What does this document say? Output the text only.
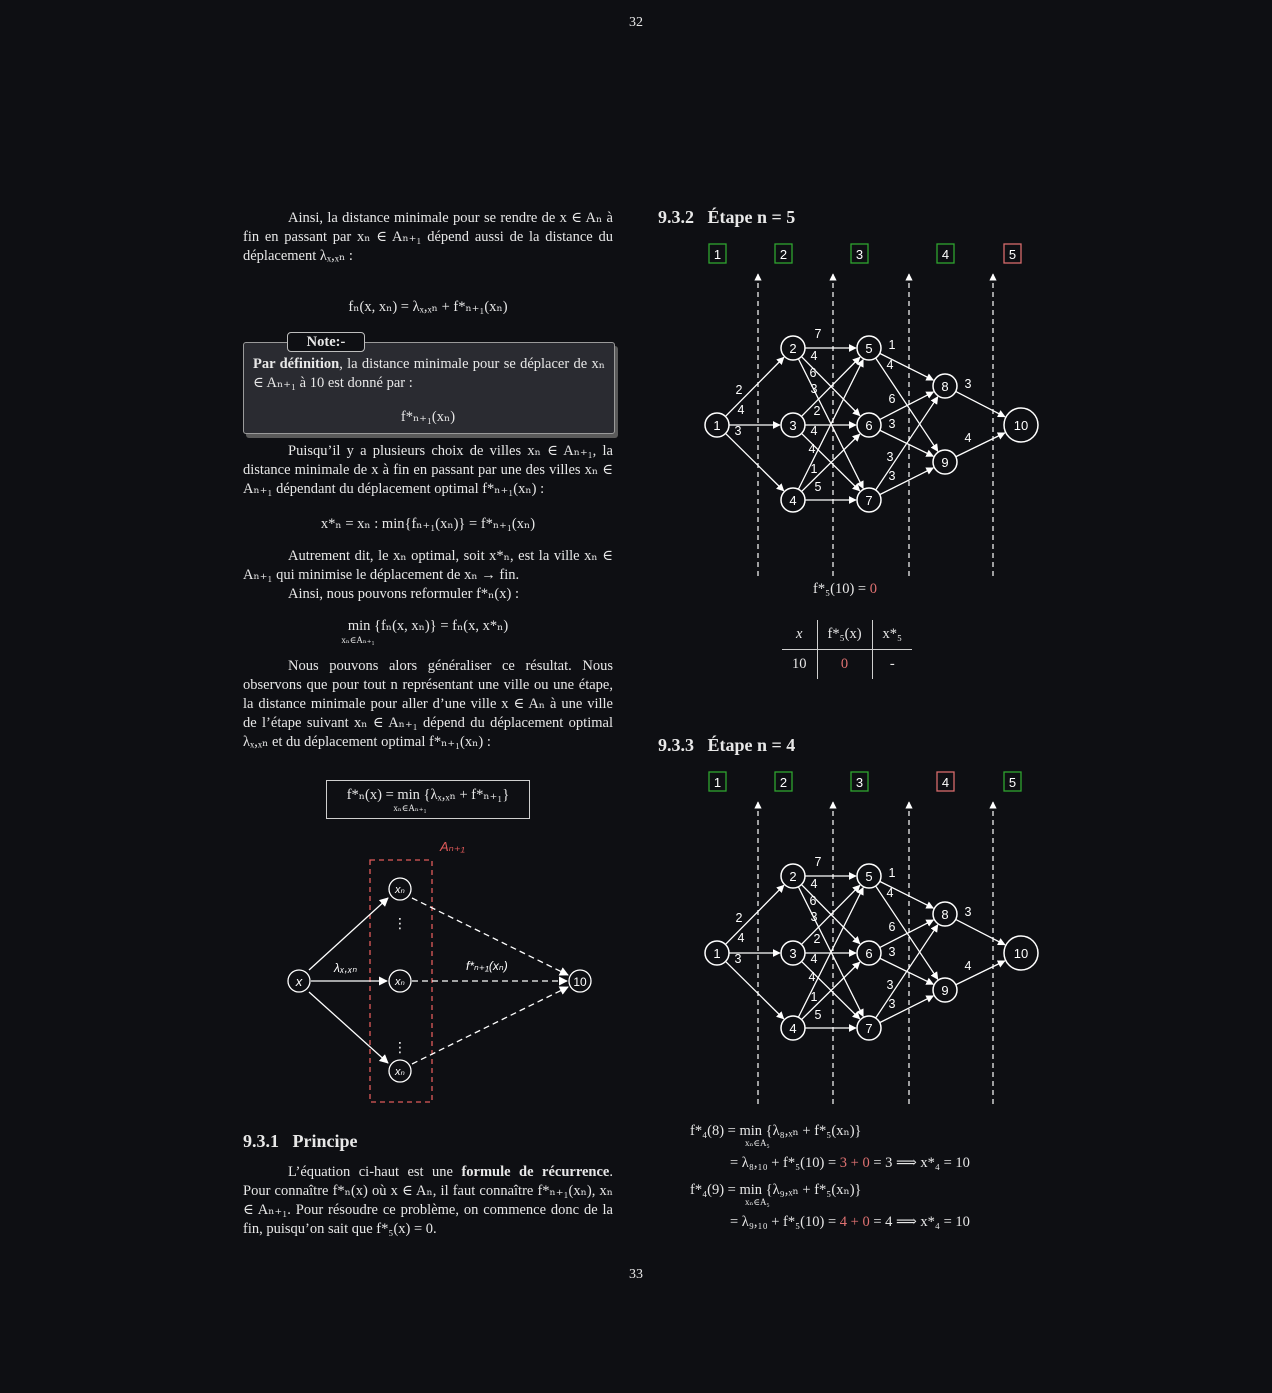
32
33
Ainsi, la distance minimale pour se rendre de x ∈ Aₙ à fin en passant par xₙ ∈ Aₙ₊₁ dépend aussi de la distance du déplacement λₓ,ₓₙ :
fₙ(x, xₙ) = λₓ,ₓₙ + f*ₙ₊₁(xₙ)
Note:-
Par définition, la distance minimale pour se déplacer de xₙ ∈ Aₙ₊₁ à 10 est donné par :
f*ₙ₊₁(xₙ)
Puisqu’il y a plusieurs choix de villes xₙ ∈ Aₙ₊₁, la distance minimale de x à fin en passant par une des villes xₙ ∈ Aₙ₊₁ dépendant du déplacement optimal f*ₙ₊₁(xₙ) :
x*ₙ = xₙ : min{fₙ₊₁(xₙ)} = f*ₙ₊₁(xₙ)
Autrement dit, le xₙ optimal, soit x*ₙ, est la ville xₙ ∈ Aₙ₊₁ qui minimise le déplacement de xₙ → fin.
Ainsi, nous pouvons reformuler f*ₙ(x) :
min {fₙ(x, xₙ)} = fₙ(x, x*ₙ)
xₙ∈Aₙ₊₁
Nous pouvons alors généraliser ce résultat. Nous observons que pour tout n représentant une ville ou une étape, la distance minimale pour aller d’une ville x ∈ Aₙ à une ville de l’étape suivant xₙ ∈ Aₙ₊₁ dépend du déplacement optimal λₓ,ₓₙ et du déplacement optimal f*ₙ₊₁(xₙ) :
f*ₙ(x) = min {λₓ,ₓₙ + f*ₙ₊₁}
xₙ∈Aₙ₊₁
Aₙ₊₁
x
xₙ
xₙ
xₙ
10
⋮
⋮
λₓ,ₓₙ	f*ₙ₊₁(xₙ)
9.3.1 Principe
L’équation ci-haut est une formule de récurrence. Pour connaître f*ₙ(x) où x ∈ Aₙ, il faut connaître f*ₙ₊₁(xₙ), xₙ ∈ Aₙ₊₁. Pour résoudre ce problème, on commence donc de la fin, puisqu’on sait que f*₅(x) = 0.
9.3.2 Étape n = 5
1	2	3	4	5
1
2
3
4
5
6
7
8
9
10
2
4
3
7
4
6
3
2
4
4
1
5
1
4
6
3
3
3
3
4
f*₅(10) = 0
x	f*₅(x)	x*₅
10	0	-
9.3.3 Étape n = 4
1	2	3	4	5
1
2
3
4
5
6
7
8
9
10
2
4
3
7
4
6
3
2
4
4
1
5
1
4
6
3
3
3
3
4
f*₄(8) = min {λ₈,ₓₙ + f*₅(xₙ)}
xₙ∈A₅
= λ₈,₁₀ + f*₅(10) = 3 + 0 = 3 ⟹ x*₄ = 10
f*₄(9) = min {λ₉,ₓₙ + f*₅(xₙ)}
xₙ∈A₅
= λ₉,₁₀ + f*₅(10) = 4 + 0 = 4 ⟹ x*₄ = 10
